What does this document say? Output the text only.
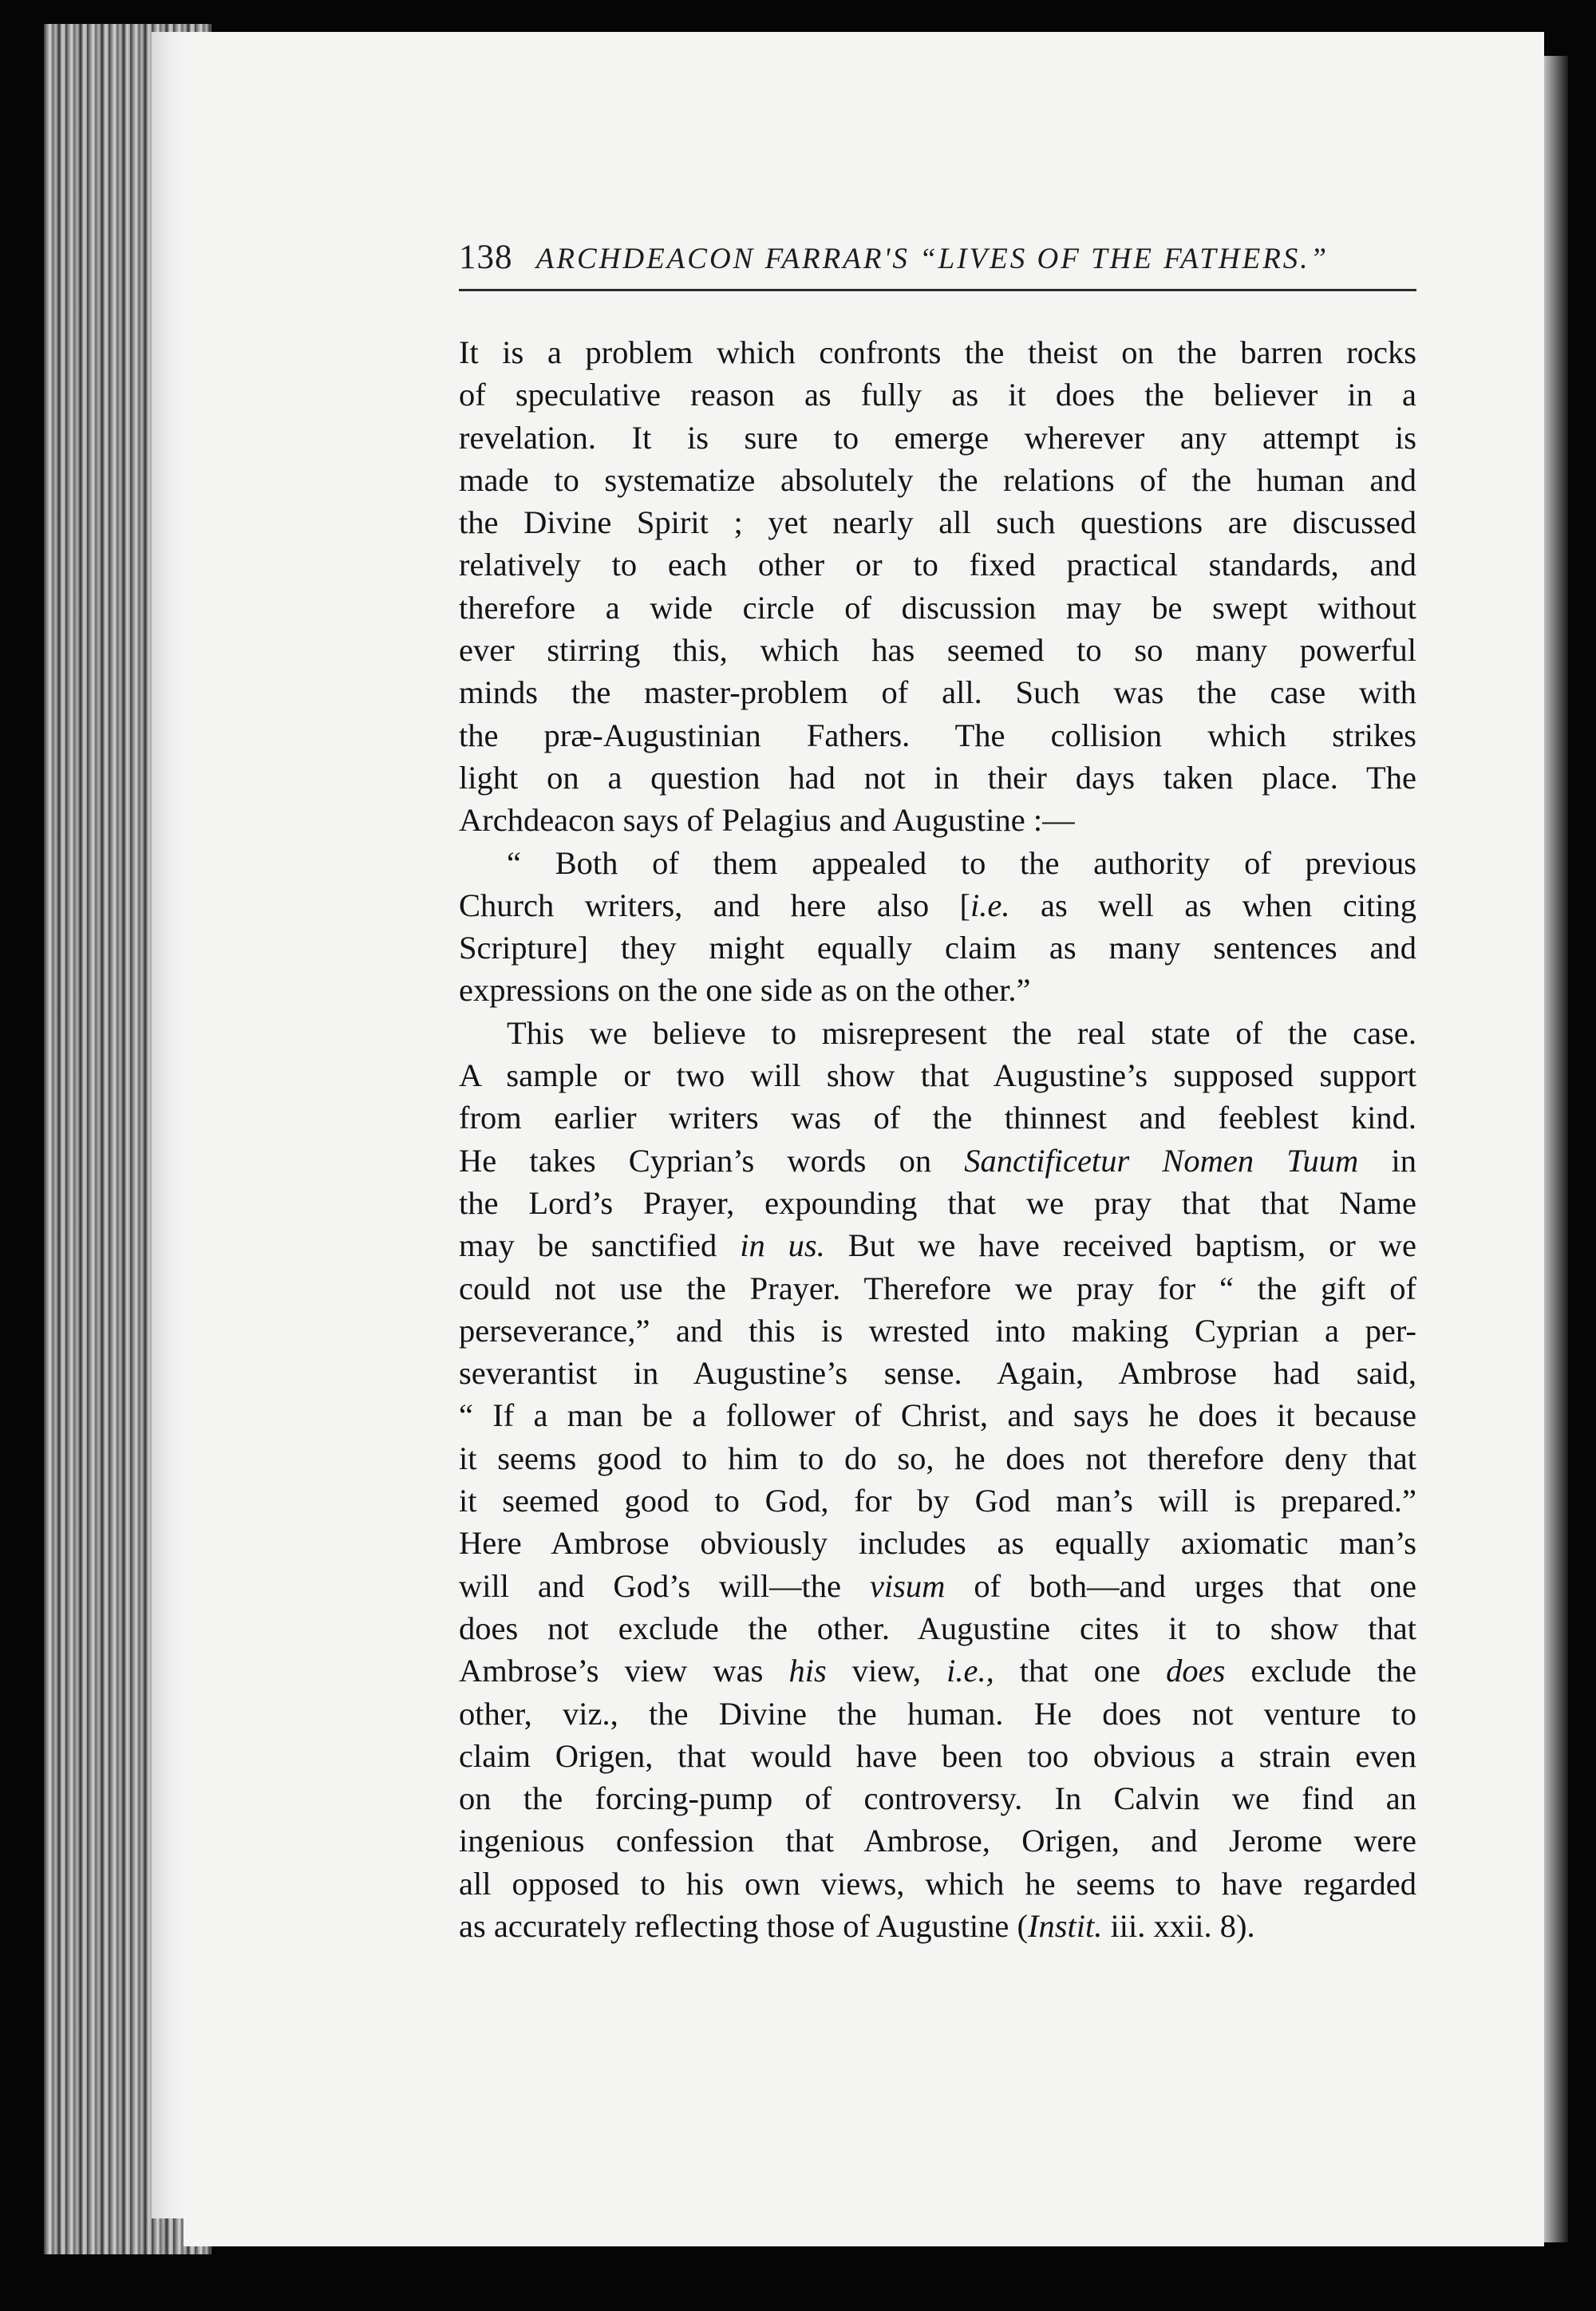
138 ARCHDEACON FARRAR'S “LIVES OF THE FATHERS.”
It is a problem which confronts the theist on the barren rocks
of speculative reason as fully as it does the believer in a
revelation. It is sure to emerge wherever any attempt is
made to systematize absolutely the relations of the human and
the Divine Spirit ; yet nearly all such questions are discussed
relatively to each other or to fixed practical standards, and
therefore a wide circle of discussion may be swept without
ever stirring this, which has seemed to so many powerful
minds the master-problem of all. Such was the case with
the præ-Augustinian Fathers. The collision which strikes
light on a question had not in their days taken place. The
Archdeacon says of Pelagius and Augustine :—
“ Both of them appealed to the authority of previous
Church writers, and here also [i.e. as well as when citing
Scripture] they might equally claim as many sentences and
expressions on the one side as on the other.”
This we believe to misrepresent the real state of the case.
A sample or two will show that Augustine’s supposed support
from earlier writers was of the thinnest and feeblest kind.
He takes Cyprian’s words on Sanctificetur Nomen Tuum in
the Lord’s Prayer, expounding that we pray that that Name
may be sanctified in us. But we have received baptism, or we
could not use the Prayer. Therefore we pray for “ the gift of
perseverance,” and this is wrested into making Cyprian a per-
severantist in Augustine’s sense. Again, Ambrose had said,
“ If a man be a follower of Christ, and says he does it because
it seems good to him to do so, he does not therefore deny that
it seemed good to God, for by God man’s will is prepared.”
Here Ambrose obviously includes as equally axiomatic man’s
will and God’s will—the visum of both—and urges that one
does not exclude the other. Augustine cites it to show that
Ambrose’s view was his view, i.e., that one does exclude the
other, viz., the Divine the human. He does not venture to
claim Origen, that would have been too obvious a strain even
on the forcing-pump of controversy. In Calvin we find an
ingenious confession that Ambrose, Origen, and Jerome were
all opposed to his own views, which he seems to have regarded
as accurately reflecting those of Augustine (Instit. iii. xxii. 8).
